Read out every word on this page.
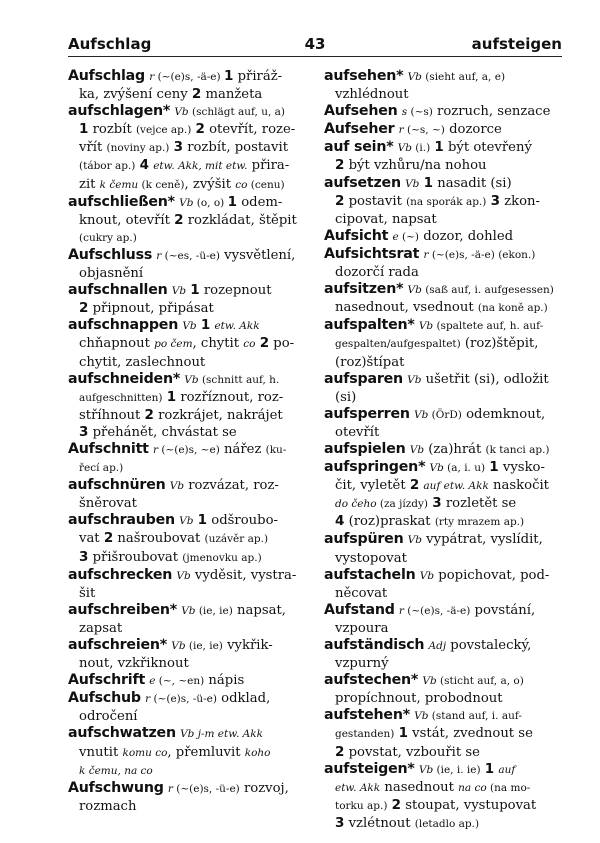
Aufschlag	43	aufsteigen
Aufschlag r (~(e)s, -ä-e) 1 přiráž-
ka, zvýšení ceny 2 manžeta
aufschlagen* Vb (schlägt auf, u, a)
1 rozbít (vejce ap.) 2 otevřít, roze-
vřít (noviny ap.) 3 rozbít, postavit
(tábor ap.) 4 etw. Akk, mit etw. přira-
zit k čemu (k ceně), zvýšit co (cenu)
aufschließen* Vb (o, o) 1 odem-
knout, otevřít 2 rozkládat, štěpit
(cukry ap.)
Aufschluss r (~es, -ü-e) vysvětlení,
objasnění
aufschnallen Vb 1 rozepnout
2 připnout, připásat
aufschnappen Vb 1 etw. Akk
chňapnout po čem, chytit co 2 po-
chytit, zaslechnout
aufschneiden* Vb (schnitt auf, h.
aufgeschnitten) 1 rozříznout, roz-
stříhnout 2 rozkrájet, nakrájet
3 přehánět, chvástat se
Aufschnitt r (~(e)s, ~e) nářez (ku-
řecí ap.)
aufschnüren Vb rozvázat, roz-
šněrovat
aufschrauben Vb 1 odšroubo-
vat 2 našroubovat (uzávěr ap.)
3 přišroubovat (jmenovku ap.)
aufschrecken Vb vyděsit, vystra-
šit
aufschreiben* Vb (ie, ie) napsat,
zapsat
aufschreien* Vb (ie, ie) vykřik-
nout, vzkřiknout
Aufschrift e (~, ~en) nápis
Aufschub r (~(e)s, -ü-e) odklad,
odročení
aufschwatzen Vb j-m etw. Akk
vnutit komu co, přemluvit koho
k čemu, na co
Aufschwung r (~(e)s, -ü-e) rozvoj,
rozmach
aufsehen* Vb (sieht auf, a, e)
vzhlédnout
Aufsehen s (~s) rozruch, senzace
Aufseher r (~s, ~) dozorce
auf sein* Vb (i.) 1 být otevřený
2 být vzhůru/na nohou
aufsetzen Vb 1 nasadit (si)
2 postavit (na sporák ap.) 3 zkon-
cipovat, napsat
Aufsicht e (~) dozor, dohled
Aufsichtsrat r (~(e)s, -ä-e) (ekon.)
dozorčí rada
aufsitzen* Vb (saß auf, i. aufgesessen)
nasednout, vsednout (na koně ap.)
aufspalten* Vb (spaltete auf, h. auf-
gespalten/aufgespaltet) (roz)štěpit,
(roz)štípat
aufsparen Vb ušetřit (si), odložit
(si)
aufsperren Vb (ÖrD) odemknout,
otevřít
aufspielen Vb (za)hrát (k tanci ap.)
aufspringen* Vb (a, i. u) 1 vysko-
čit, vyletět 2 auf etw. Akk naskočit
do čeho (za jízdy) 3 rozletět se
4 (roz)praskat (rty mrazem ap.)
aufspüren Vb vypátrat, vyslídit,
vystopovat
aufstacheln Vb popichovat, pod-
něcovat
Aufstand r (~(e)s, -ä-e) povstání,
vzpoura
aufständisch Adj povstalecký,
vzpurný
aufstechen* Vb (sticht auf, a, o)
propíchnout, probodnout
aufstehen* Vb (stand auf, i. auf-
gestanden) 1 vstát, zvednout se
2 povstat, vzbouřit se
aufsteigen* Vb (ie, i. ie) 1 auf
etw. Akk nasednout na co (na mo-
torku ap.) 2 stoupat, vystupovat
3 vzlétnout (letadlo ap.)
